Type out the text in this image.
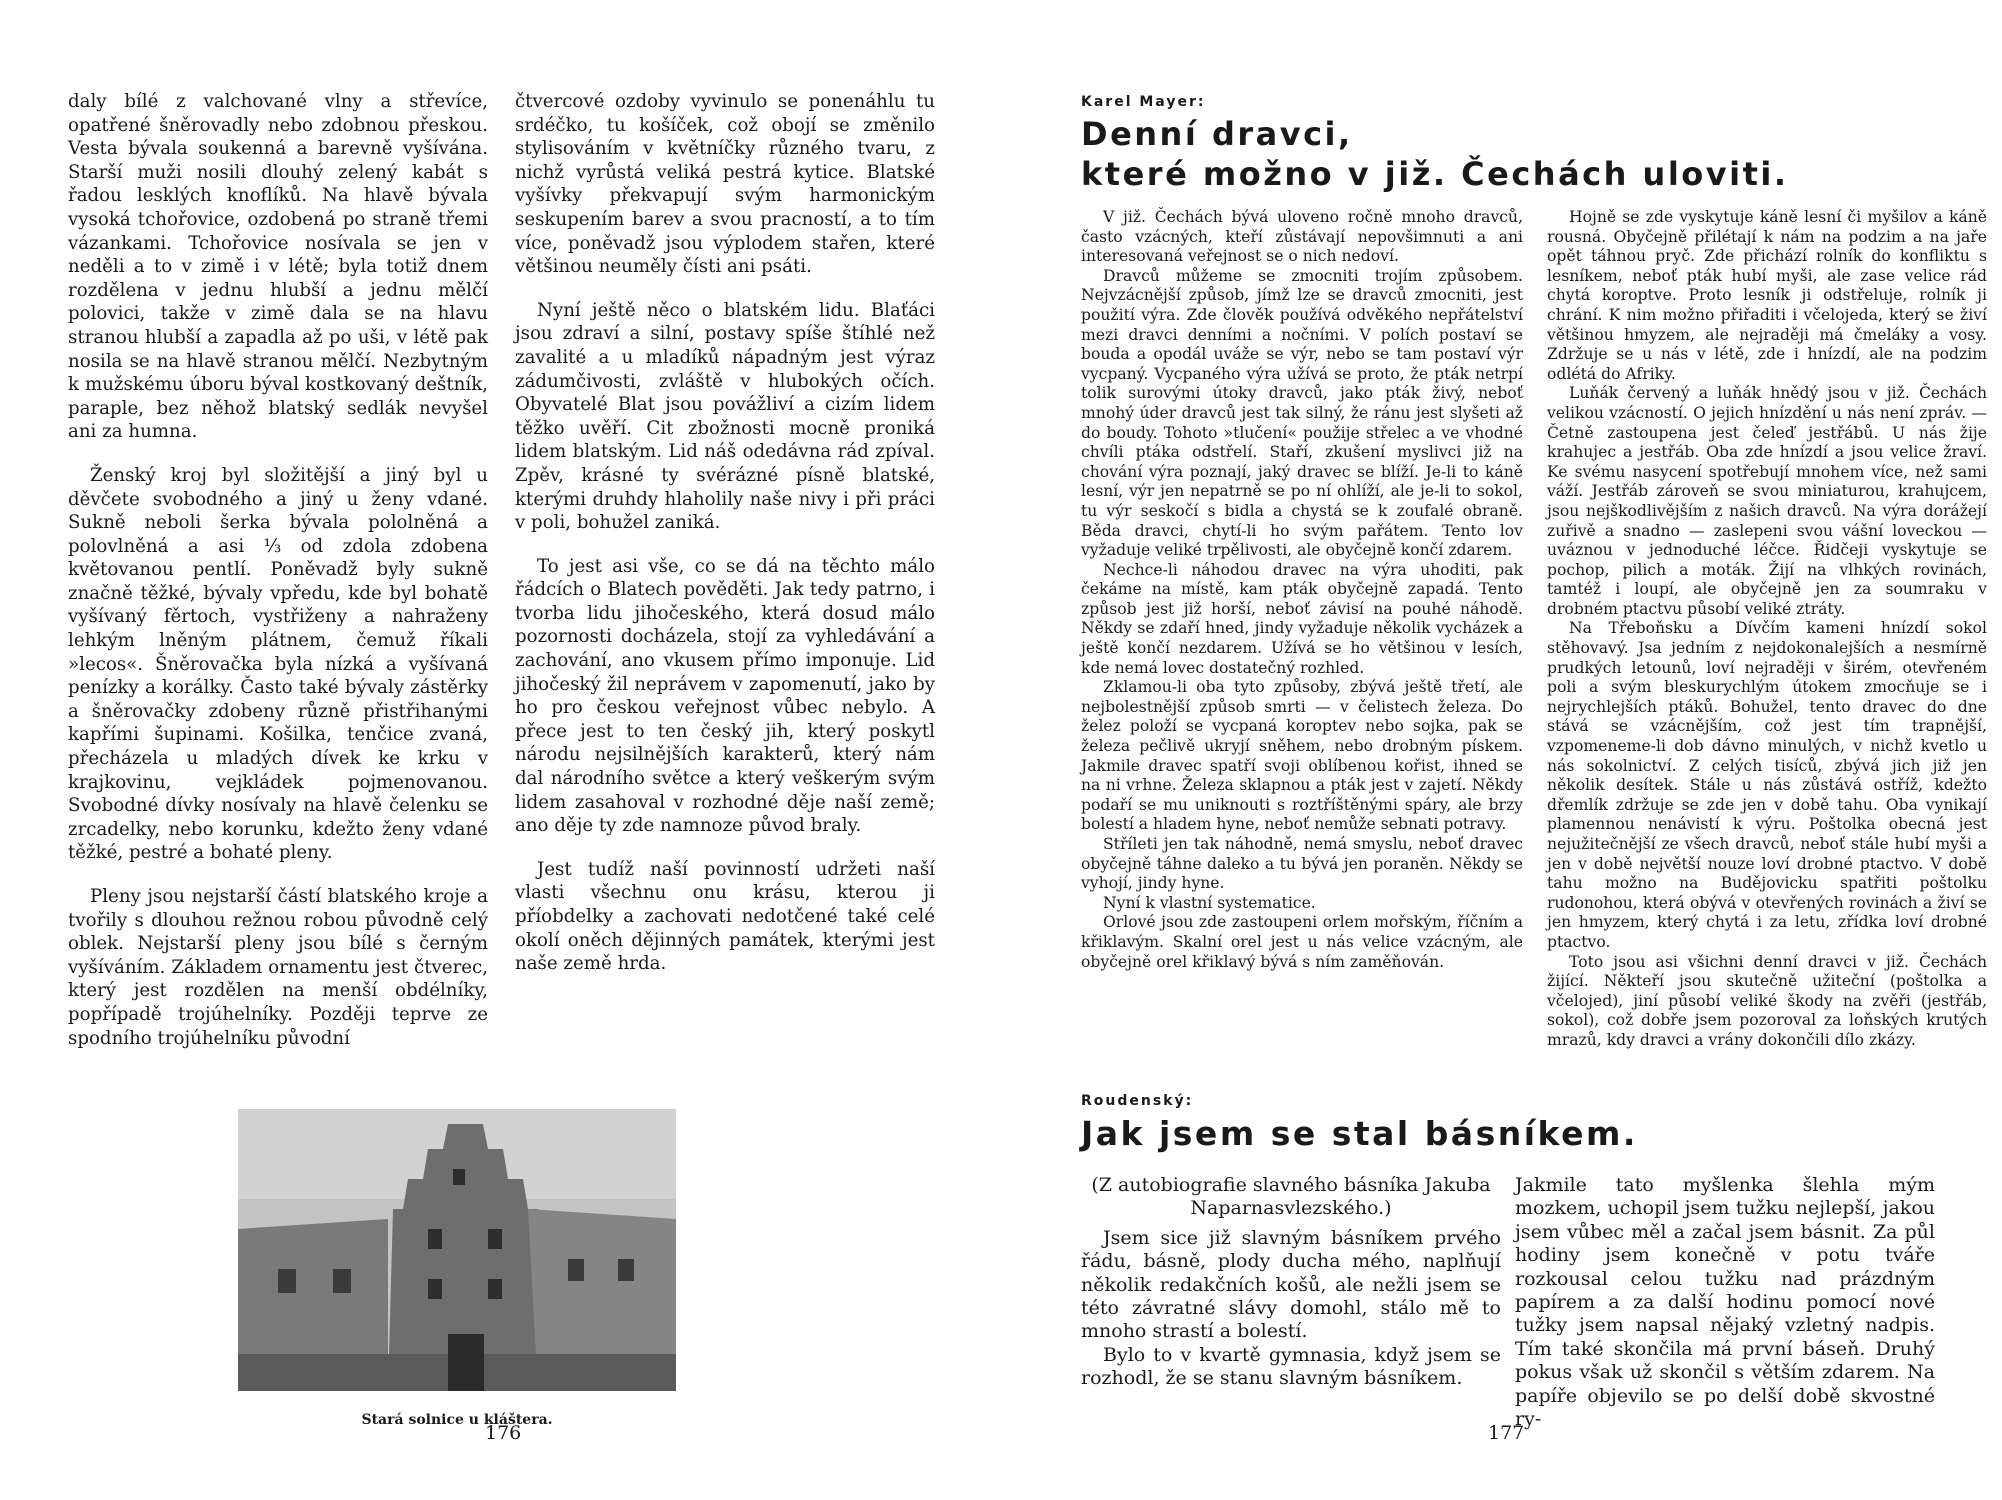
daly bílé z valchované vlny a střevíce, opatřené šněrovadly nebo zdobnou přeskou. Vesta bývala soukenná a barevně vyšívána. Starší muži nosili dlouhý zelený kabát s řadou lesklých knoflíků. Na hlavě bývala vysoká tchořovice, ozdobená po straně třemi vázankami. Tchořovice nosívala se jen v neděli a to v zimě i v létě; byla totiž dnem rozdělena v jednu hlubší a jednu mělčí polovici, takže v zimě dala se na hlavu stranou hlubší a zapadla až po uši, v létě pak nosila se na hlavě stranou mělčí. Nezbytným k mužskému úboru býval kostkovaný deštník, paraple, bez něhož blatský sedlák nevyšel ani za humna.

Ženský kroj byl složitější a jiný byl u děvčete svobodného a jiný u ženy vdané. Sukně neboli šerka bývala pololněná a polovlněná a asi ⅓ od zdola zdobena květovanou pentlí. Poněvadž byly sukně značně těžké, bývaly vpředu, kde byl bohatě vyšívaný fěrtoch, vystřiženy a nahraženy lehkým lněným plátnem, čemuž říkali »lecos«. Šněrovačka byla nízká a vyšívaná penízky a korálky. Často také bývaly zástěrky a šněrovačky zdobeny různě přistřihanými kapřími šupinami. Košilka, tenčice zvaná, přecházela u mladých dívek ke krku v krajkovinu, vejkládek pojmenovanou. Svobodné dívky nosívaly na hlavě čelenku se zrcadelky, nebo korunku, kdežto ženy vdané těžké, pestré a bohaté pleny.

Pleny jsou nejstarší částí blatského kroje a tvořily s dlouhou režnou robou původně celý oblek. Nejstarší pleny jsou bílé s černým vyšíváním. Základem ornamentu jest čtverec, který jest rozdělen na menší obdélníky, popřípadě trojúhelníky. Později teprve ze spodního trojúhelníku původní

čtvercové ozdoby vyvinulo se ponenáhlu tu srdéčko, tu košíček, což obojí se změnilo stylisováním v květníčky různého tvaru, z nichž vyrůstá veliká pestrá kytice. Blatské vyšívky překvapují svým harmonickým seskupením barev a svou pracností, a to tím více, poněvadž jsou výplodem stařen, které většinou neuměly čísti ani psáti.

Nyní ještě něco o blatském lidu. Blaťáci jsou zdraví a silní, postavy spíše štíhlé než zavalité a u mladíků nápadným jest výraz zádumčivosti, zvláště v hlubokých očích. Obyvatelé Blat jsou povážliví a cizím lidem těžko uvěří. Cit zbožnosti mocně proniká lidem blatským. Lid náš odedávna rád zpíval. Zpěv, krásné ty svérázné písně blatské, kterými druhdy hlaholily naše nivy i při práci v poli, bohužel zaniká.

To jest asi vše, co se dá na těchto málo řádcích o Blatech pověděti. Jak tedy patrno, i tvorba lidu jihočeského, která dosud málo pozornosti docházela, stojí za vyhledávání a zachování, ano vkusem přímo imponuje. Lid jihočeský žil neprávem v zapomenutí, jako by ho pro českou veřejnost vůbec nebylo. A přece jest to ten český jih, který poskytl národu nejsilnějších karakterů, který nám dal národního světce a který veškerým svým lidem zasahoval v rozhodné děje naší země; ano děje ty zde namnoze původ braly.

Jest tudíž naší povinností udržeti naší vlasti všechnu onu krásu, kterou ji příobdelky a zachovati nedotčené také celé okolí oněch dějinných památek, kterými jest naše země hrda.

Stará solnice u kláštera.
176
Karel Mayer:
Denní dravci,
které možno v již. Čechách uloviti.

V již. Čechách bývá uloveno ročně mnoho dravců, často vzácných, kteří zůstávají nepovšimnuti a ani interesovaná veřejnost se o nich nedoví.

Dravců můžeme se zmocniti trojím způsobem. Nejvzácnější způsob, jímž lze se dravců zmocniti, jest použití výra. Zde člověk používá odvěkého nepřátelství mezi dravci denními a nočními. V polích postaví se bouda a opodál uváže se výr, nebo se tam postaví výr vycpaný. Vycpaného výra užívá se proto, že pták netrpí tolik surovými útoky dravců, jako pták živý, neboť mnohý úder dravců jest tak silný, že ránu jest slyšeti až do boudy. Tohoto »tlučení« použije střelec a ve vhodné chvíli ptáka odstřelí. Staří, zkušení myslivci již na chování výra poznají, jaký dravec se blíží. Je-li to káně lesní, výr jen nepatrně se po ní ohlíží, ale je-li to sokol, tu výr seskočí s bidla a chystá se k zoufalé obraně. Běda dravci, chytí-li ho svým pařátem. Tento lov vyžaduje veliké trpělivosti, ale obyčejně končí zdarem.

Nechce-li náhodou dravec na výra uhoditi, pak čekáme na místě, kam pták obyčejně zapadá. Tento způsob jest již horší, neboť závisí na pouhé náhodě. Někdy se zdaří hned, jindy vyžaduje několik vycházek a ještě končí nezdarem. Užívá se ho většinou v lesích, kde nemá lovec dostatečný rozhled.

Zklamou-li oba tyto způsoby, zbývá ještě třetí, ale nejbolestnější způsob smrti — v čelistech železa. Do želez položí se vycpaná koroptev nebo sojka, pak se železa pečlivě ukryjí sněhem, nebo drobným pískem. Jakmile dravec spatří svoji oblíbenou kořist, ihned se na ni vrhne. Železa sklapnou a pták jest v zajetí. Někdy podaří se mu uniknouti s roztříštěnými spáry, ale brzy bolestí a hladem hyne, neboť nemůže sebnati potravy.

Stříleti jen tak náhodně, nemá smyslu, neboť dravec obyčejně táhne daleko a tu bývá jen poraněn. Někdy se vyhojí, jindy hyne.

Nyní k vlastní systematice.

Orlové jsou zde zastoupeni orlem mořským, říčním a křiklavým. Skalní orel jest u nás velice vzácným, ale obyčejně orel křiklavý bývá s ním zaměňován.

Hojně se zde vyskytuje káně lesní či myšilov a káně rousná. Obyčejně přilétají k nám na podzim a na jaře opět táhnou pryč. Zde přichází rolník do konfliktu s lesníkem, neboť pták hubí myši, ale zase velice rád chytá koroptve. Proto lesník ji odstřeluje, rolník ji chrání. K nim možno přiřaditi i včelojeda, který se živí většinou hmyzem, ale nejraději má čmeláky a vosy. Zdržuje se u nás v létě, zde i hnízdí, ale na podzim odlétá do Afriky.

Luňák červený a luňák hnědý jsou v již. Čechách velikou vzácností. O jejich hnízdění u nás není zpráv. — Četně zastoupena jest čeleď jestřábů. U nás žije krahujec a jestřáb. Oba zde hnízdí a jsou velice žraví. Ke svému nasycení spotřebují mnohem více, než sami váží. Jestřáb zároveň se svou miniaturou, krahujcem, jsou nejškodlivějším z našich dravců. Na výra dorážejí zuřivě a snadno — zaslepeni svou vášní loveckou — uváznou v jednoduché léčce. Řidčeji vyskytuje se pochop, pilich a moták. Žijí na vlhkých rovinách, tamtéž i loupí, ale obyčejně jen za soumraku v drobném ptactvu působí veliké ztráty.

Na Třeboňsku a Dívčím kameni hnízdí sokol stěhovavý. Jsa jedním z nejdokonalejších a nesmírně prudkých letounů, loví nejraději v širém, otevřeném poli a svým bleskurychlým útokem zmocňuje se i nejrychlejších ptáků. Bohužel, tento dravec do dne stává se vzácnějším, což jest tím trapnější, vzpomeneme-li dob dávno minulých, v nichž kvetlo u nás sokolnictví. Z celých tisíců, zbývá jich již jen několik desítek. Stále u nás zůstává ostříž, kdežto dřemlík zdržuje se zde jen v době tahu. Oba vynikají plamennou nenávistí k výru. Poštolka obecná jest nejužitečnější ze všech dravců, neboť stále hubí myši a jen v době největší nouze loví drobné ptactvo. V době tahu možno na Budějovicku spatřiti poštolku rudonohou, která obývá v otevřených rovinách a živí se jen hmyzem, který chytá i za letu, zřídka loví drobné ptactvo.

Toto jsou asi všichni denní dravci v již. Čechách žijící. Někteří jsou skutečně užiteční (poštolka a včelojed), jiní působí veliké škody na zvěři (jestřáb, sokol), což dobře jsem pozoroval za loňských krutých mrazů, kdy dravci a vrány dokončili dílo zkázy.

Roudenský:
Jak jsem se stal básníkem.

(Z autobiografie slavného básníka Jakuba Naparnasvlezského.)

Jsem sice již slavným básníkem prvého řádu, básně, plody ducha mého, naplňují několik redakčních košů, ale nežli jsem se této závratné slávy domohl, stálo mě to mnoho strastí a bolestí.

Bylo to v kvartě gymnasia, když jsem se rozhodl, že se stanu slavným básníkem.

Jakmile tato myšlenka šlehla mým mozkem, uchopil jsem tužku nejlepší, jakou jsem vůbec měl a začal jsem básnit. Za půl hodiny jsem konečně v potu tváře rozkousal celou tužku nad prázdným papírem a za další hodinu pomocí nové tužky jsem napsal nějaký vzletný nadpis. Tím také skončila má první báseň. Druhý pokus však už skončil s větším zdarem. Na papíře objevilo se po delší době skvostné ry-

177
